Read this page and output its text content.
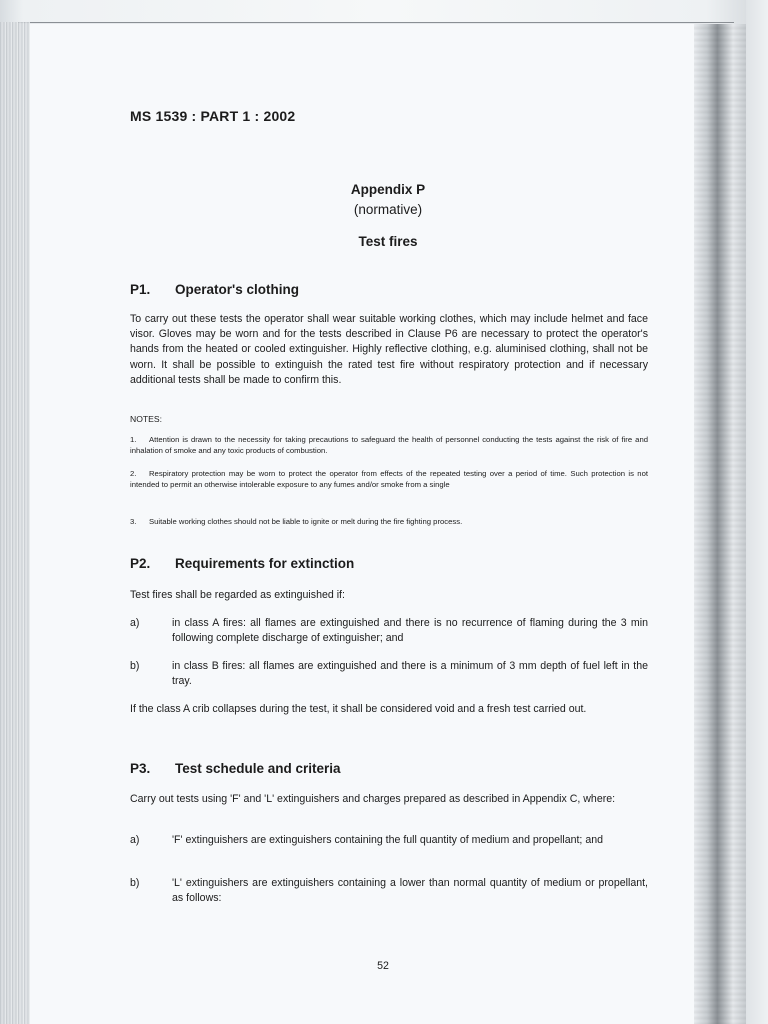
MS 1539 : PART 1 : 2002
Appendix P
(normative)
Test fires
P1. Operator's clothing
To carry out these tests the operator shall wear suitable working clothes, which may include helmet and face visor. Gloves may be worn and for the tests described in Clause P6 are necessary to protect the operator's hands from the heated or cooled extinguisher. Highly reflective clothing, e.g. aluminised clothing, shall not be worn. It shall be possible to extinguish the rated test fire without respiratory protection and if necessary additional tests shall be made to confirm this.
NOTES:
1. Attention is drawn to the necessity for taking precautions to safeguard the health of personnel conducting the tests against the risk of fire and inhalation of smoke and any toxic products of combustion.
2. Respiratory protection may be worn to protect the operator from effects of the repeated testing over a period of time. Such protection is not intended to permit an otherwise intolerable exposure to any fumes and/or smoke from a single
3. Suitable working clothes should not be liable to ignite or melt during the fire fighting process.
P2. Requirements for extinction
Test fires shall be regarded as extinguished if:
a)	in class A fires: all flames are extinguished and there is no recurrence of flaming during the 3 min following complete discharge of extinguisher; and
b)	in class B fires: all flames are extinguished and there is a minimum of 3 mm depth of fuel left in the tray.
If the class A crib collapses during the test, it shall be considered void and a fresh test carried out.
P3. Test schedule and criteria
Carry out tests using 'F' and 'L' extinguishers and charges prepared as described in Appendix C, where:
a)	'F' extinguishers are extinguishers containing the full quantity of medium and propellant; and
b)	'L' extinguishers are extinguishers containing a lower than normal quantity of medium or propellant, as follows:
52
